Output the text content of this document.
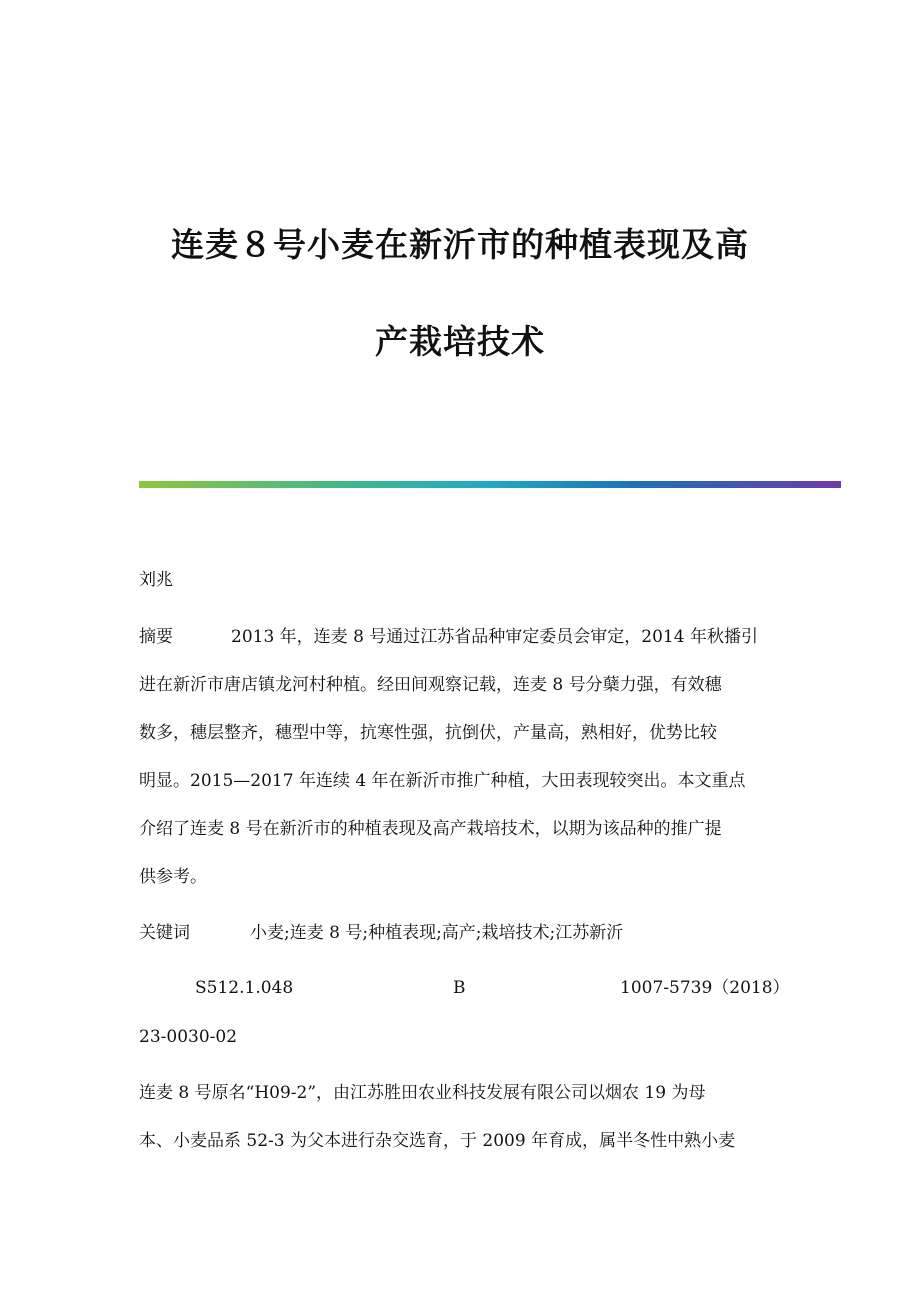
连麦８号小麦在新沂市的种植表现及高
产栽培技术
刘兆
摘要	2013 年，连麦 8 号通过江苏省品种审定委员会审定，2014 年秋播引
进在新沂市唐店镇龙河村种植。经田间观察记载，连麦 8 号分蘖力强，有效穗
数多，穗层整齐，穗型中等，抗寒性强，抗倒伏，产量高，熟相好，优势比较
明显。2015—2017 年连续 4 年在新沂市推广种植，大田表现较突出。本文重点
介绍了连麦 8 号在新沂市的种植表现及高产栽培技术，以期为该品种的推广提
供参考。
关键词	小麦;连麦 8 号;种植表现;高产;栽培技术;江苏新沂
S512.1.048	B	1007-5739（2018）
23-0030-02
连麦 8 号原名“H09-2”，由江苏胜田农业科技发展有限公司以烟农 19 为母
本、小麦品系 52-3 为父本进行杂交选育，于 2009 年育成，属半冬性中熟小麦
